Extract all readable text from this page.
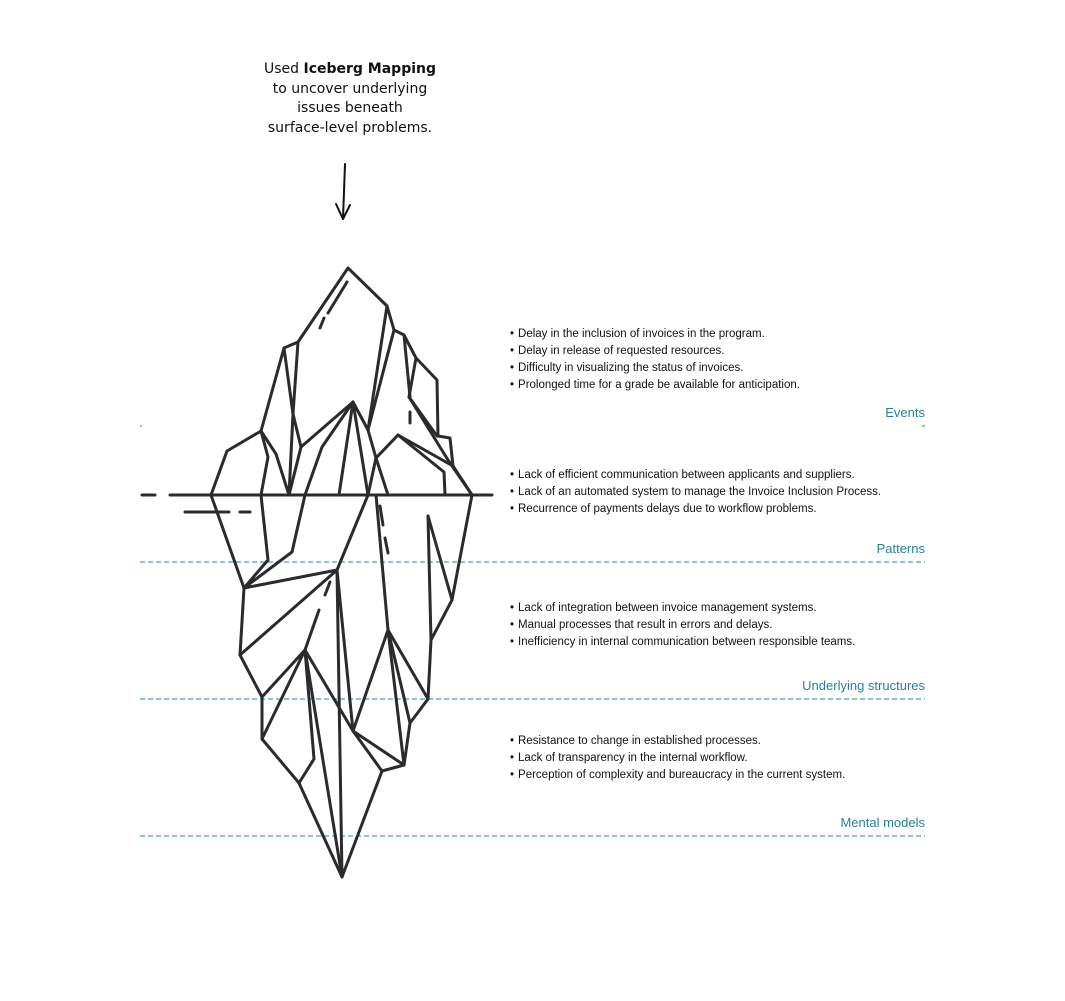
Used Iceberg Mapping
to uncover underlying
issues beneath
surface-level problems.
• Delay in the inclusion of invoices in the program.
• Delay in release of requested resources.
• Difficulty in visualizing the status of invoices.
• Prolonged time for a grade be available for anticipation.
Events
• Lack of efficient communication between applicants and suppliers.
• Lack of an automated system to manage the Invoice Inclusion Process.
• Recurrence of payments delays due to workflow problems.
Patterns
• Lack of integration between invoice management systems.
• Manual processes that result in errors and delays.
• Inefficiency in internal communication between responsible teams.
Underlying structures
• Resistance to change in established processes.
• Lack of transparency in the internal workflow.
• Perception of complexity and bureaucracy in the current system.
Mental models
